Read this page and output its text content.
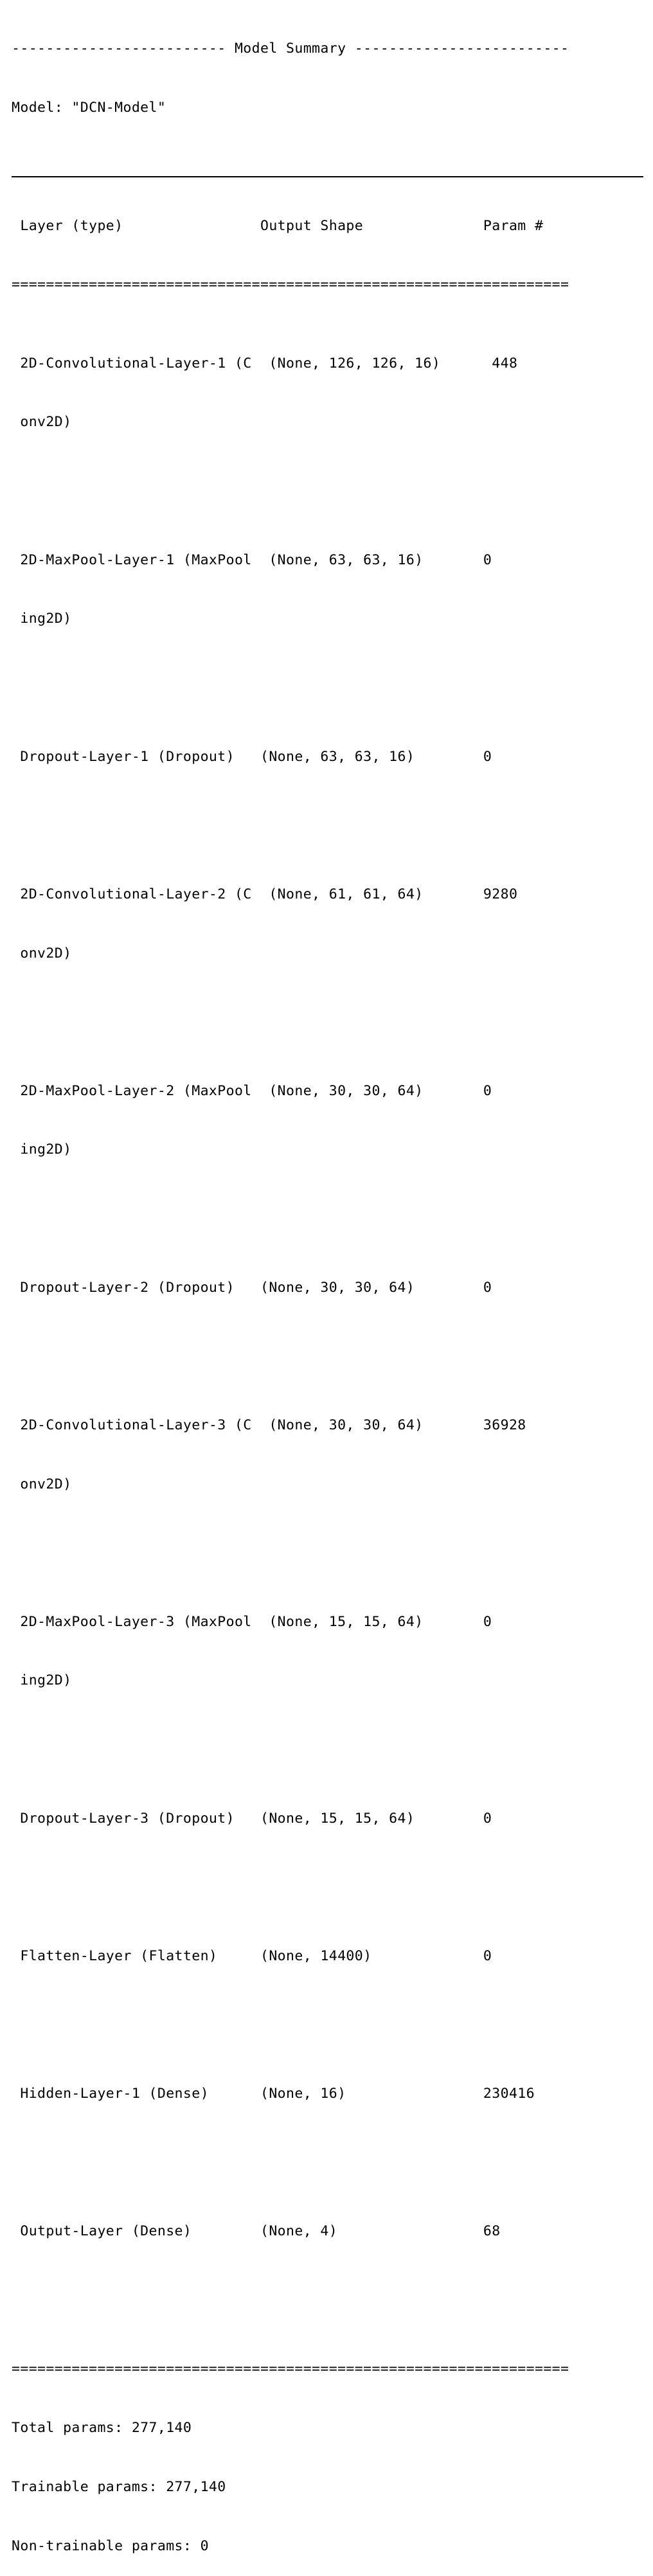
------------------------- Model Summary -------------------------

Model: "DCN-Model"

Layer (type)                Output Shape              Param #

=================================================================

2D-Convolutional-Layer-1 (C  (None, 126, 126, 16)      448

onv2D)

2D-MaxPool-Layer-1 (MaxPool  (None, 63, 63, 16)       0

ing2D)

Dropout-Layer-1 (Dropout)   (None, 63, 63, 16)        0

2D-Convolutional-Layer-2 (C  (None, 61, 61, 64)       9280

onv2D)

2D-MaxPool-Layer-2 (MaxPool  (None, 30, 30, 64)       0

ing2D)

Dropout-Layer-2 (Dropout)   (None, 30, 30, 64)        0

2D-Convolutional-Layer-3 (C  (None, 30, 30, 64)       36928

onv2D)

2D-MaxPool-Layer-3 (MaxPool  (None, 15, 15, 64)       0

ing2D)

Dropout-Layer-3 (Dropout)   (None, 15, 15, 64)        0

Flatten-Layer (Flatten)     (None, 14400)             0

Hidden-Layer-1 (Dense)      (None, 16)                230416

Output-Layer (Dense)        (None, 4)                 68

=================================================================

Total params: 277,140

Trainable params: 277,140

Non-trainable params: 0
